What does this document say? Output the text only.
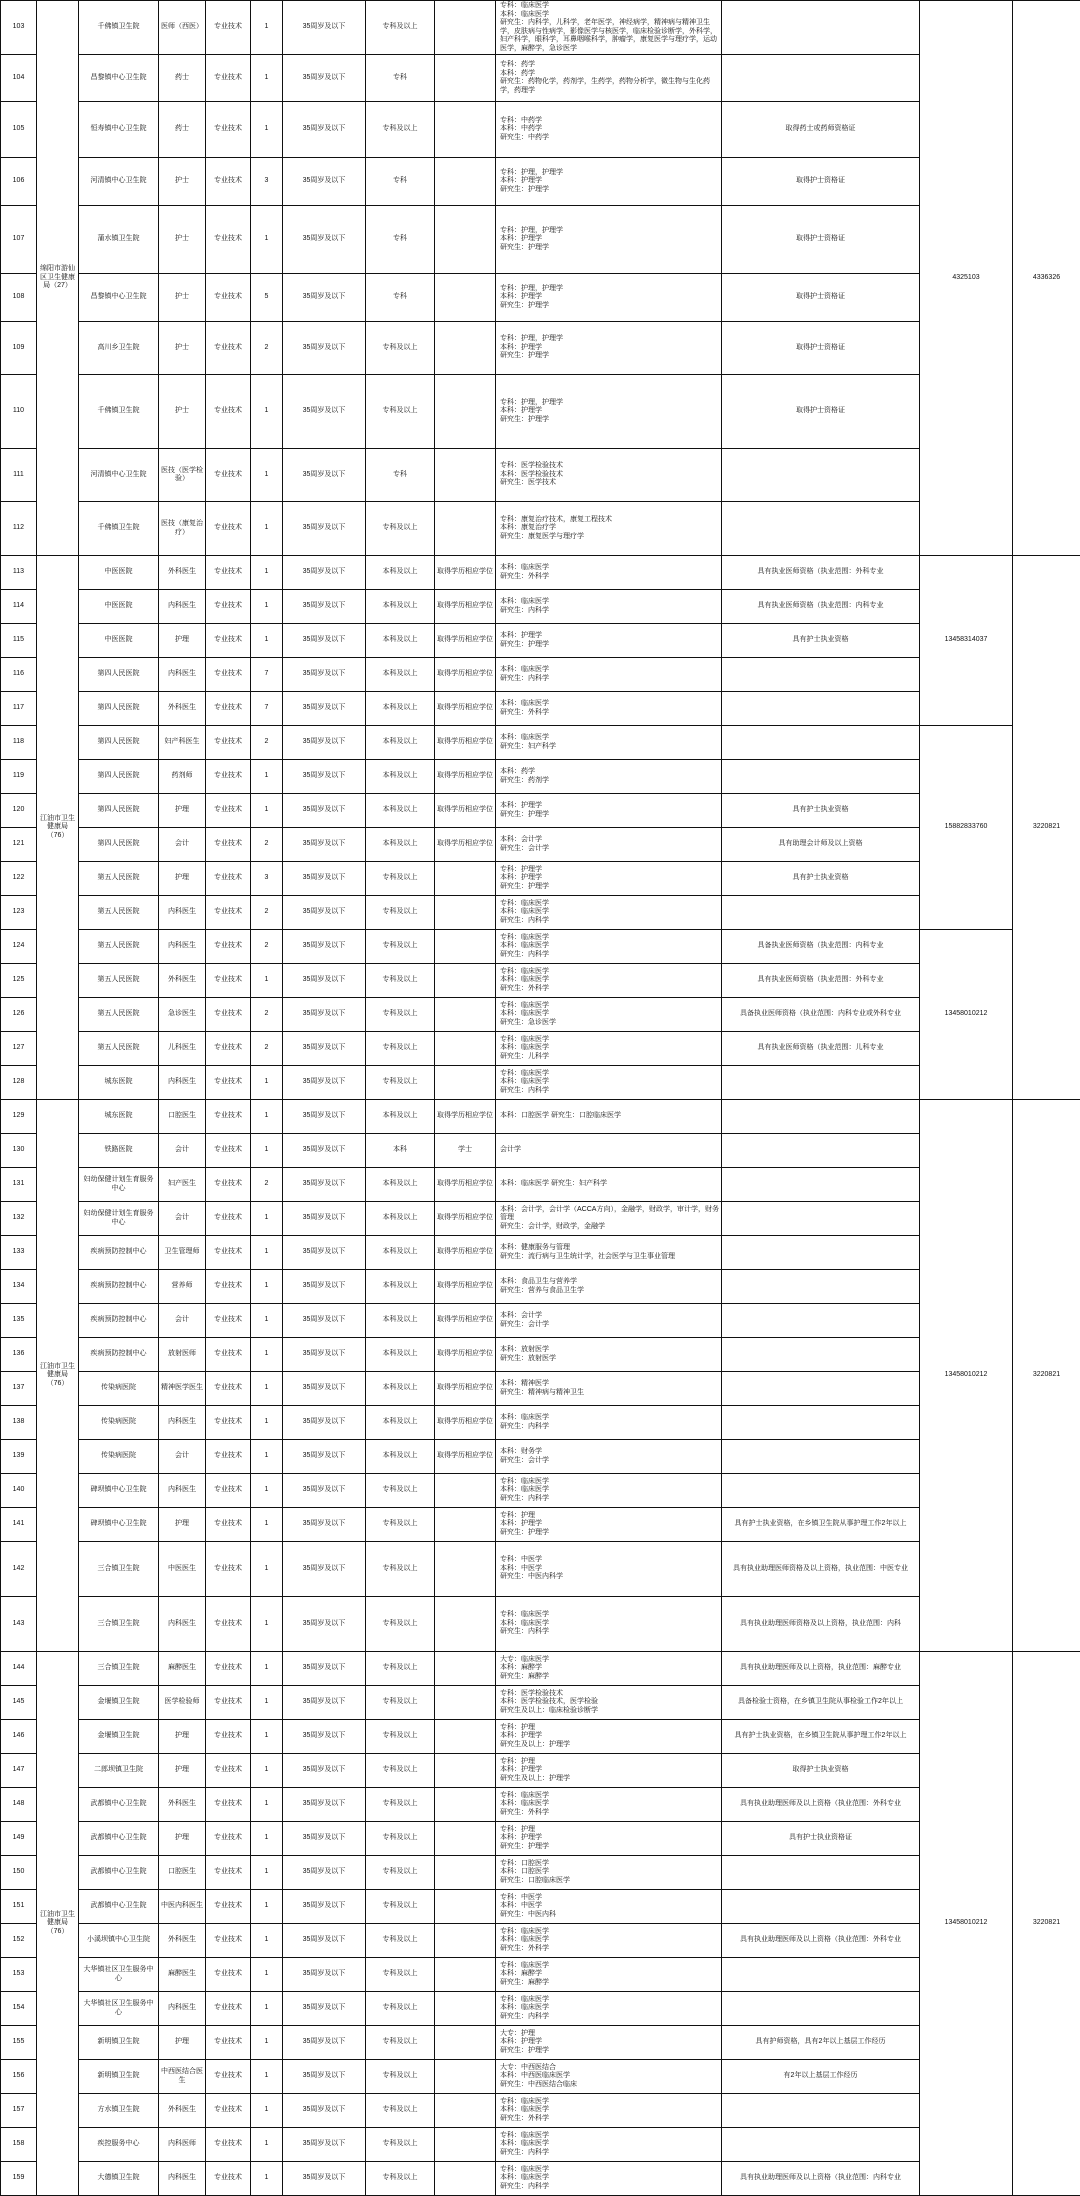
103	绵阳市游仙区卫生健康局（27）	千佛镇卫生院	医师（西医）	专业技术	1	35周岁及以下	专科及以上		专科：临床医学
本科：临床医学
研究生：内科学，儿科学，老年医学，神经病学，精神病与精神卫生学，皮肤病与性病学，影像医学与核医学，临床检验诊断学，外科学，妇产科学，眼科学，耳鼻咽喉科学，肿瘤学，康复医学与理疗学，运动医学，麻醉学，急诊医学		4325103	4336326
104		昌黎镇中心卫生院	药士	专业技术	1	35周岁及以下	专科		专科：药学
本科：药学
研究生：药物化学，药剂学，生药学，药物分析学，微生物与生化药学，药理学			
105		恒寿镇中心卫生院	药士	专业技术	1	35周岁及以下	专科及以上		专科：中药学
本科：中药学
研究生：中药学	取得药士或药师资格证		
106		河清镇中心卫生院	护士	专业技术	3	35周岁及以下	专科		专科：护理，护理学
本科：护理学
研究生：护理学	取得护士资格证		
107		蒲水镇卫生院	护士	专业技术	1	35周岁及以下	专科		专科：护理，护理学
本科：护理学
研究生：护理学	取得护士资格证		
108		昌黎镇中心卫生院	护士	专业技术	5	35周岁及以下	专科		专科：护理，护理学
本科：护理学
研究生：护理学	取得护士资格证		
109		高川乡卫生院	护士	专业技术	2	35周岁及以下	专科及以上		专科：护理，护理学
本科：护理学
研究生：护理学	取得护士资格证		
110		千佛镇卫生院	护士	专业技术	1	35周岁及以下	专科及以上		专科：护理，护理学
本科：护理学
研究生：护理学	取得护士资格证		
111		河清镇中心卫生院	医技（医学检验）	专业技术	1	35周岁及以下	专科		专科：医学检验技术
本科：医学检验技术
研究生：医学技术			
112		千佛镇卫生院	医技（康复治疗）	专业技术	1	35周岁及以下	专科及以上		专科：康复治疗技术，康复工程技术
本科：康复治疗学
研究生：康复医学与理疗学			
113	江油市卫生健康局（76）	中医医院	外科医生	专业技术	1	35周岁及以下	本科及以上	取得学历相应学位	本科：临床医学
研究生：外科学	具有执业医师资格（执业范围：外科专业	13458314037	3220821
114		中医医院	内科医生	专业技术	1	35周岁及以下	本科及以上	取得学历相应学位	本科：临床医学
研究生：内科学	具有执业医师资格（执业范围：内科专业		
115		中医医院	护理	专业技术	1	35周岁及以下	本科及以上	取得学历相应学位	本科：护理学
研究生：护理学	具有护士执业资格		
116		第四人民医院	内科医生	专业技术	7	35周岁及以下	本科及以上	取得学历相应学位	本科：临床医学
研究生：内科学			
117		第四人民医院	外科医生	专业技术	7	35周岁及以下	本科及以上	取得学历相应学位	本科：临床医学
研究生：外科学			
118		第四人民医院	妇产科医生	专业技术	2	35周岁及以下	本科及以上	取得学历相应学位	本科：临床医学
研究生：妇产科学		15882833760	
119		第四人民医院	药剂师	专业技术	1	35周岁及以下	本科及以上	取得学历相应学位	本科：药学
研究生：药剂学			
120		第四人民医院	护理	专业技术	1	35周岁及以下	本科及以上	取得学历相应学位	本科：护理学
研究生：护理学	具有护士执业资格		
121		第四人民医院	会计	专业技术	2	35周岁及以下	本科及以上	取得学历相应学位	本科：会计学
研究生：会计学	具有助理会计师及以上资格		
122		第五人民医院	护理	专业技术	3	35周岁及以下	专科及以上		专科：护理学
本科：护理学
研究生：护理学	具有护士执业资格		
123		第五人民医院	内科医生	专业技术	2	35周岁及以下	专科及以上		专科：临床医学
本科：临床医学
研究生：内科学			
124		第五人民医院	内科医生	专业技术	2	35周岁及以下	专科及以上		专科：临床医学
本科：临床医学
研究生：内科学	具备执业医师资格（执业范围：内科专业	13458010212	
125		第五人民医院	外科医生	专业技术	1	35周岁及以下	专科及以上		专科：临床医学
本科：临床医学
研究生：外科学	具有执业医师资格（执业范围：外科专业		
126		第五人民医院	急诊医生	专业技术	2	35周岁及以下	专科及以上		专科：临床医学
本科：临床医学
研究生：急诊医学	具备执业医师资格（执业范围：内科专业或外科专业		
127		第五人民医院	儿科医生	专业技术	2	35周岁及以下	专科及以上		专科：临床医学
本科：临床医学
研究生：儿科学	具有执业医师资格（执业范围：儿科专业		
128		城东医院	内科医生	专业技术	1	35周岁及以下	专科及以上		专科：临床医学
本科：临床医学
研究生：内科学			
129	江油市卫生健康局（76）	城东医院	口腔医生	专业技术	1	35周岁及以下	本科及以上	取得学历相应学位	本科：口腔医学 研究生：口腔临床医学		13458010212	3220821
130		铁路医院	会计	专业技术	1	35周岁及以下	本科	学士	会计学			
131		妇幼保健计划生育服务中心	妇产医生	专业技术	2	35周岁及以下	本科及以上	取得学历相应学位	本科：临床医学 研究生：妇产科学			
132		妇幼保健计划生育服务中心	会计	专业技术	1	35周岁及以下	本科及以上	取得学历相应学位	本科：会计学，会计学（ACCA方向），金融学，财政学，审计学，财务管理
研究生：会计学，财政学，金融学			
133		疾病预防控制中心	卫生管理师	专业技术	1	35周岁及以下	本科及以上	取得学历相应学位	本科：健康服务与管理
研究生：流行病与卫生统计学，社会医学与卫生事业管理			
134		疾病预防控制中心	营养师	专业技术	1	35周岁及以下	本科及以上	取得学历相应学位	本科：食品卫生与营养学
研究生：营养与食品卫生学			
135		疾病预防控制中心	会计	专业技术	1	35周岁及以下	本科及以上	取得学历相应学位	本科：会计学
研究生：会计学			
136		疾病预防控制中心	放射医师	专业技术	1	35周岁及以下	本科及以上	取得学历相应学位	本科：放射医学
研究生：放射医学			
137		传染病医院	精神医学医生	专业技术	1	35周岁及以下	本科及以上	取得学历相应学位	本科：精神医学
研究生：精神病与精神卫生			
138		传染病医院	内科医生	专业技术	1	35周岁及以下	本科及以上	取得学历相应学位	本科：临床医学
研究生：内科学			
139		传染病医院	会计	专业技术	1	35周岁及以下	本科及以上	取得学历相应学位	本科：财务学
研究生：会计学			
140		碑坝镇中心卫生院	内科医生	专业技术	1	35周岁及以下	专科及以上		专科：临床医学
本科：临床医学
研究生：内科学			
141		碑坝镇中心卫生院	护理	专业技术	1	35周岁及以下	专科及以上		专科：护理
本科：护理学
研究生：护理学	具有护士执业资格，在乡镇卫生院从事护理工作2年以上		
142		三合镇卫生院	中医医生	专业技术	1	35周岁及以下	专科及以上		专科：中医学
本科：中医学
研究生：中医内科学	具有执业助理医师资格及以上资格，执业范围：中医专业		
143		三合镇卫生院	内科医生	专业技术	1	35周岁及以下	专科及以上		专科：临床医学
本科：临床医学
研究生：内科学	具有执业助理医师资格及以上资格，执业范围：内科		
144	江油市卫生健康局（76）	三合镇卫生院	麻醉医生	专业技术	1	35周岁及以下	专科及以上		大专：临床医学
本科：麻醉学
研究生：麻醉学	具有执业助理医师及以上资格，执业范围：麻醉专业	13458010212	3220821
145		金堰镇卫生院	医学检验师	专业技术	1	35周岁及以下	专科及以上		专科：医学检验技术
本科：医学检验技术，医学检验
研究生及以上：临床检验诊断学	具备检验士资格，在乡镇卫生院从事检验工作2年以上		
146		金堰镇卫生院	护理	专业技术	1	35周岁及以下	专科及以上		专科：护理
本科：护理学
研究生及以上：护理学	具有护士执业资格，在乡镇卫生院从事护理工作2年以上		
147		二郎坝镇卫生院	护理	专业技术	1	35周岁及以下	专科及以上		专科：护理
本科：护理学
研究生及以上：护理学	取得护士执业资格		
148		武都镇中心卫生院	外科医生	专业技术	1	35周岁及以下	专科及以上		专科：临床医学
本科：临床医学
研究生：外科学	具有执业助理医师及以上资格（执业范围：外科专业		
149		武都镇中心卫生院	护理	专业技术	1	35周岁及以下	专科及以上		专科：护理
本科：护理学
研究生：护理学	具有护士执业资格证		
150		武都镇中心卫生院	口腔医生	专业技术	1	35周岁及以下	专科及以上		专科：口腔医学
本科：口腔医学
研究生：口腔临床医学			
151		武都镇中心卫生院	中医内科医生	专业技术	1	35周岁及以下	专科及以上		专科：中医学
本科：中医学
研究生：中医内科			
152		小溪坝镇中心卫生院	外科医生	专业技术	1	35周岁及以下	专科及以上		专科：临床医学
本科：临床医学
研究生：外科学	具有执业助理医师及以上资格（执业范围：外科专业		
153		大华镇社区卫生服务中心	麻醉医生	专业技术	1	35周岁及以下	专科及以上		专科：临床医学
本科：麻醉学
研究生：麻醉学			
154		大华镇社区卫生服务中心	内科医生	专业技术	1	35周岁及以下	专科及以上		专科：临床医学
本科：临床医学
研究生：内科学			
155		新明镇卫生院	护理	专业技术	1	35周岁及以下	专科及以上		大专：护理
本科：护理学
研究生：护理学	具有护师资格，具有2年以上基层工作经历		
156		新明镇卫生院	中西医结合医生	专业技术	1	35周岁及以下	专科及以上		大专：中西医结合
本科：中西医临床医学
研究生：中西医结合临床	有2年以上基层工作经历		
157		方水镇卫生院	外科医生	专业技术	1	35周岁及以下	专科及以上		专科：临床医学
本科：临床医学
研究生：外科学			
158		疾控服务中心	内科医师	专业技术	1	35周岁及以下	专科及以上		专科：临床医学
本科：临床医学
研究生：内科学			
159		大德镇卫生院	内科医生	专业技术	1	35周岁及以下	专科及以上		专科：临床医学
本科：临床医学
研究生：内科学	具有执业助理医师及以上资格（执业范围：内科专业		
